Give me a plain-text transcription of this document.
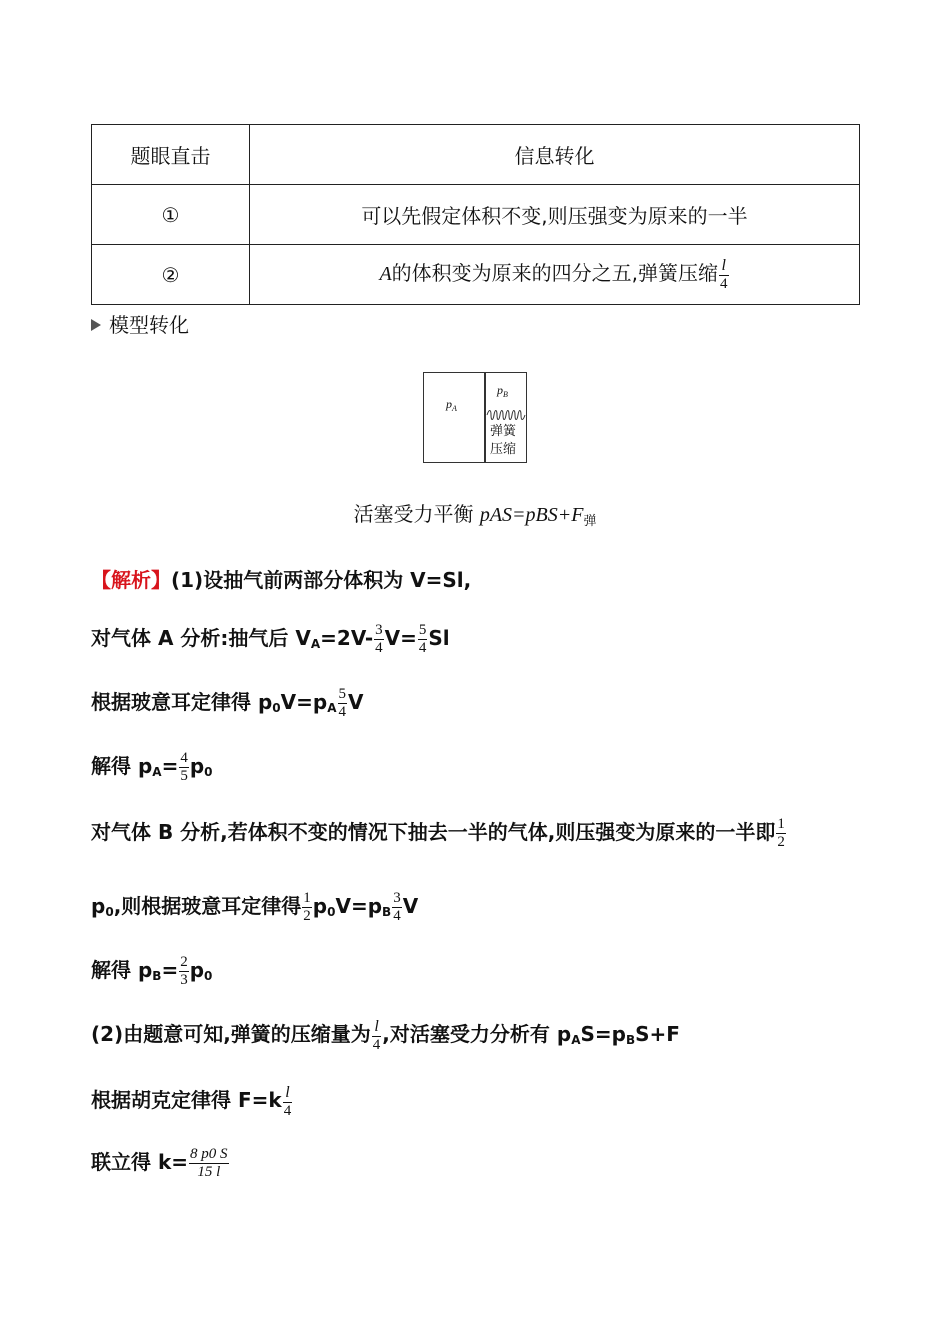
题眼直击	信息转化
①	可以先假定体积不变,则压强变为原来的一半
②	A的体积变为原来的四分之五,弹簧压缩 $\frac{l}{4}$
模型转化
$p_A$
$p_B$
弹簧
压缩
活塞受力平衡 $pAS=pBS+F_弹$
【解析】(1)设抽气前两部分体积为 V=Sl,
对气体 A 分析:抽气后 $V_A=2V- \frac{3}{4} V= \frac{5}{4}$ Sl
根据玻意耳定律得 $p_0V=p_A \frac{5}{4}$ V
解得 $p_A= \frac{4}{5} p_0$
对气体 B 分析,若体积不变的情况下抽去一半的气体,则压强变为原来的一半即 $\frac{1}{2}$
$p_0$,则根据玻意耳定律得 $\frac{1}{2} p_0V=p_B \frac{3}{4}$ V
解得 $p_B= \frac{2}{3} p_0$
(2)由题意可知,弹簧的压缩量为 $\frac{l}{4}$ ,对活塞受力分析有 $p_AS=p_BS+F$
根据胡克定律得 $F=k \frac{l}{4}$
联立得 $k= \frac{8 p0 S}{15 l}$
